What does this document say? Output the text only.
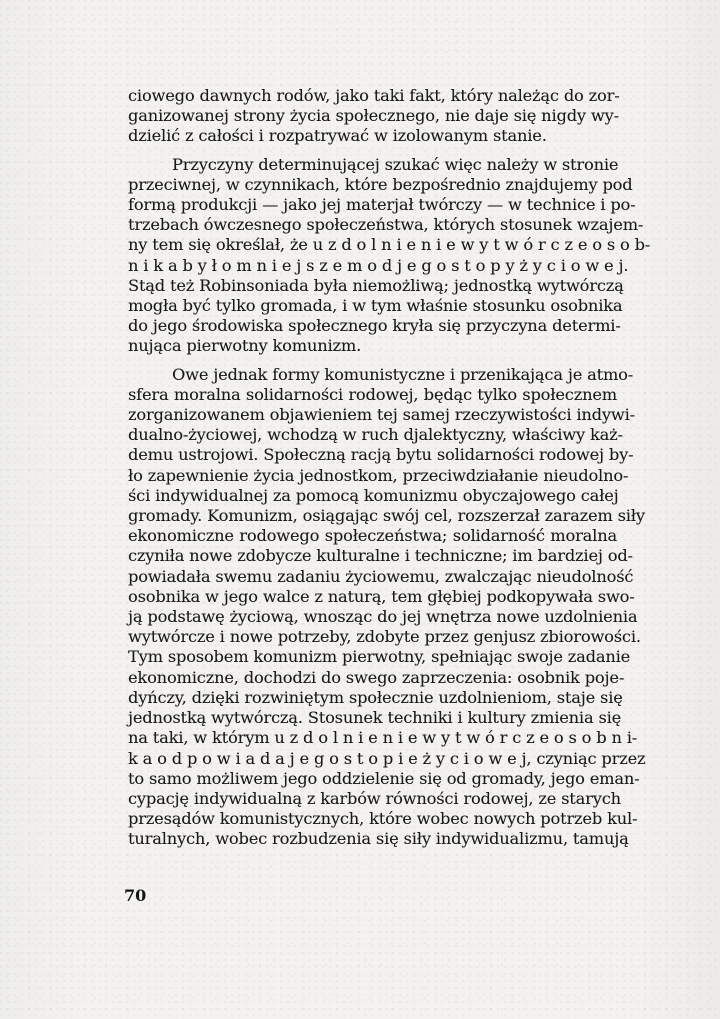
ciowego dawnych rodów, jako taki fakt, który należąc do zor-
ganizowanej strony życia społecznego, nie daje się nigdy wy-
dzielić z całości i rozpatrywać w izolowanym stanie.

Przyczyny determinującej szukać więc należy w stronie
przeciwnej, w czynnikach, które bezpośrednio znajdujemy pod
formą produkcji — jako jej materjał twórczy — w technice i po-
trzebach ówczesnego społeczeństwa, których stosunek wzajem-
ny tem się określał, że u z d o l n i e n i e w y t w ó r c z e o s o b-
n i k a b y ł o m n i e j s z e m o d j e g o s t o p y ż y c i o w e j.
Stąd też Robinsoniada była niemożliwą; jednostką wytwórczą
mogła być tylko gromada, i w tym właśnie stosunku osobnika
do jego środowiska społecznego kryła się przyczyna determi-
nująca pierwotny komunizm.

Owe jednak formy komunistyczne i przenikająca je atmo-
sfera moralna solidarności rodowej, będąc tylko społecznem
zorganizowanem objawieniem tej samej rzeczywistości indywi-
dualno-życiowej, wchodzą w ruch djalektyczny, właściwy każ-
demu ustrojowi. Społeczną racją bytu solidarności rodowej by-
ło zapewnienie życia jednostkom, przeciwdziałanie nieudolno-
ści indywidualnej za pomocą komunizmu obyczajowego całej
gromady. Komunizm, osiągając swój cel, rozszerzał zarazem siły
ekonomiczne rodowego społeczeństwa; solidarność moralna
czyniła nowe zdobycze kulturalne i techniczne; im bardziej od-
powiadała swemu zadaniu życiowemu, zwalczając nieudolność
osobnika w jego walce z naturą, tem głębiej podkopywała swo-
ją podstawę życiową, wnosząc do jej wnętrza nowe uzdolnienia
wytwórcze i nowe potrzeby, zdobyte przez genjusz zbiorowości.
Tym sposobem komunizm pierwotny, spełniając swoje zadanie
ekonomiczne, dochodzi do swego zaprzeczenia: osobnik poje-
dyńczy, dzięki rozwiniętym społecznie uzdolnieniom, staje się
jednostką wytwórczą. Stosunek techniki i kultury zmienia się
na taki, w którym u z d o l n i e n i e w y t w ó r c z e o s o b n i-
k a o d p o w i a d a j e g o s t o p i e ż y c i o w e j, czyniąc przez
to samo możliwem jego oddzielenie się od gromady, jego eman-
cypację indywidualną z karbów równości rodowej, ze starych
przesądów komunistycznych, które wobec nowych potrzeb kul-
turalnych, wobec rozbudzenia się siły indywidualizmu, tamują

70
